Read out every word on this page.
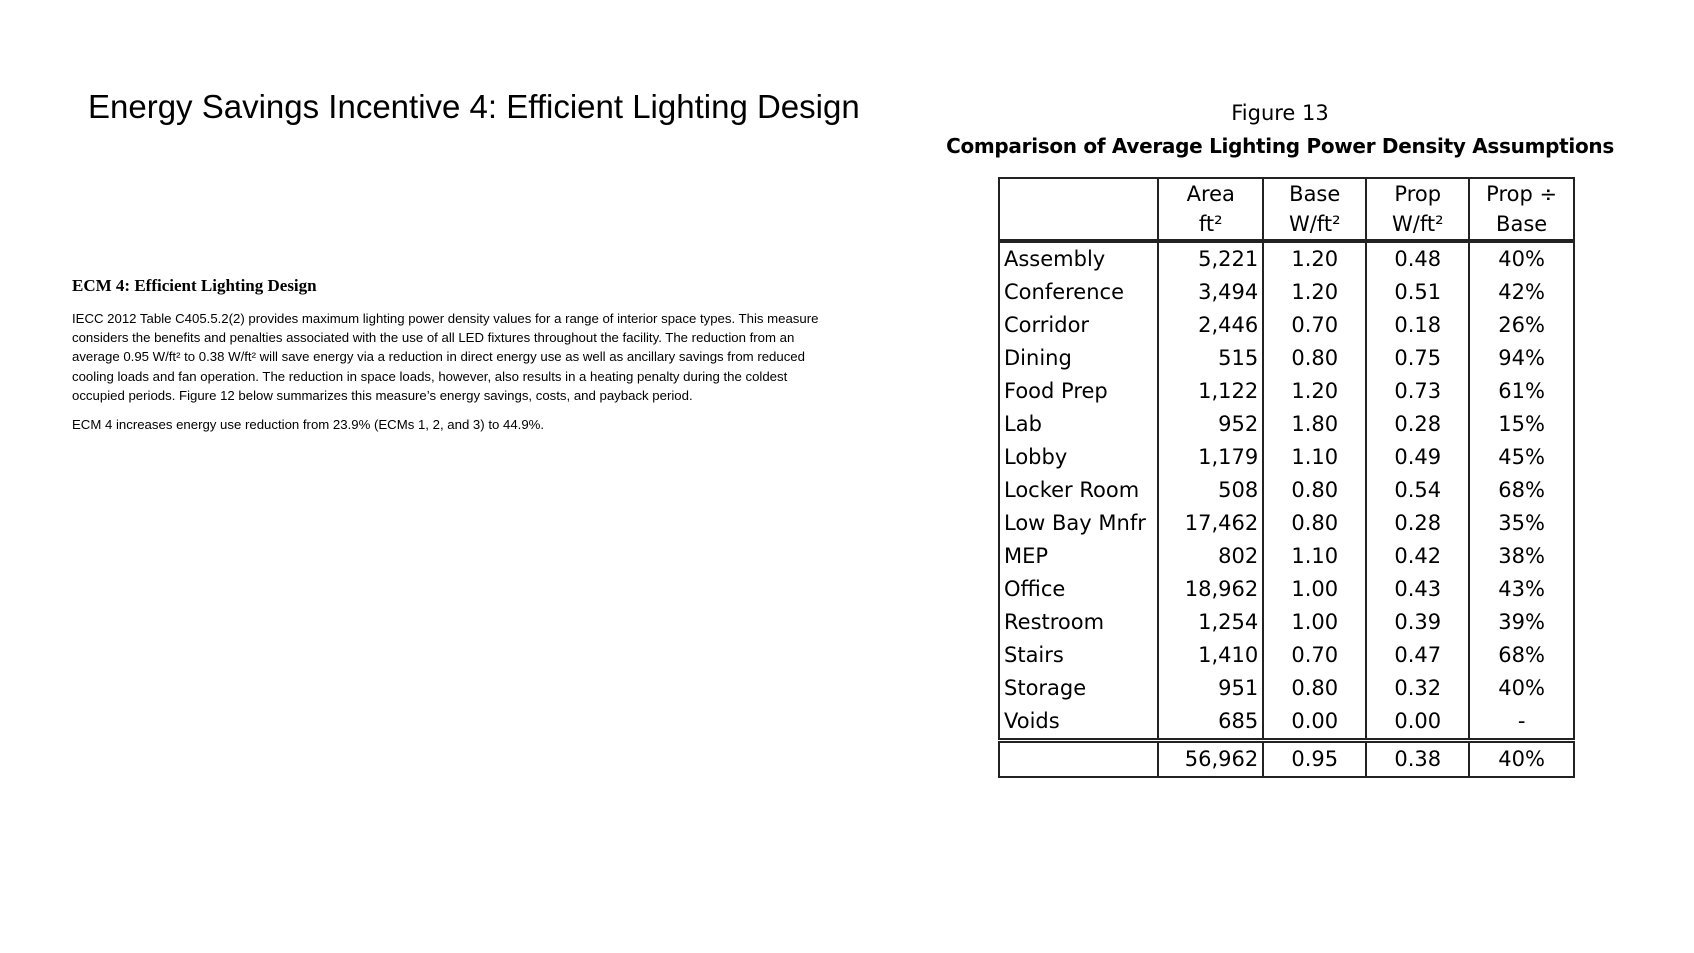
Energy Savings Incentive 4: Efficient Lighting Design
ECM 4: Efficient Lighting Design

IECC 2012 Table C405.5.2(2) provides maximum lighting power density values for a range of interior space types. This measure considers the benefits and penalties associated with the use of all LED fixtures throughout the facility. The reduction from an average 0.95 W/ft² to 0.38 W/ft² will save energy via a reduction in direct energy use as well as ancillary savings from reduced cooling loads and fan operation. The reduction in space loads, however, also results in a heating penalty during the coldest occupied periods. Figure 12 below summarizes this measure’s energy savings, costs, and payback period.

ECM 4 increases energy use reduction from 23.9% (ECMs 1, 2, and 3) to 44.9%.

Figure 13
Comparison of Average Lighting Power Density Assumptions
	Area	Base	Prop	Prop ÷
	ft²	W/ft²	W/ft²	Base
Assembly	5,221	1.20	0.48	40%
Conference	3,494	1.20	0.51	42%
Corridor	2,446	0.70	0.18	26%
Dining	515	0.80	0.75	94%
Food Prep	1,122	1.20	0.73	61%
Lab	952	1.80	0.28	15%
Lobby	1,179	1.10	0.49	45%
Locker Room	508	0.80	0.54	68%
Low Bay Mnfr	17,462	0.80	0.28	35%
MEP	802	1.10	0.42	38%
Office	18,962	1.00	0.43	43%
Restroom	1,254	1.00	0.39	39%
Stairs	1,410	0.70	0.47	68%
Storage	951	0.80	0.32	40%
Voids	685	0.00	0.00	-
	56,962	0.95	0.38	40%
